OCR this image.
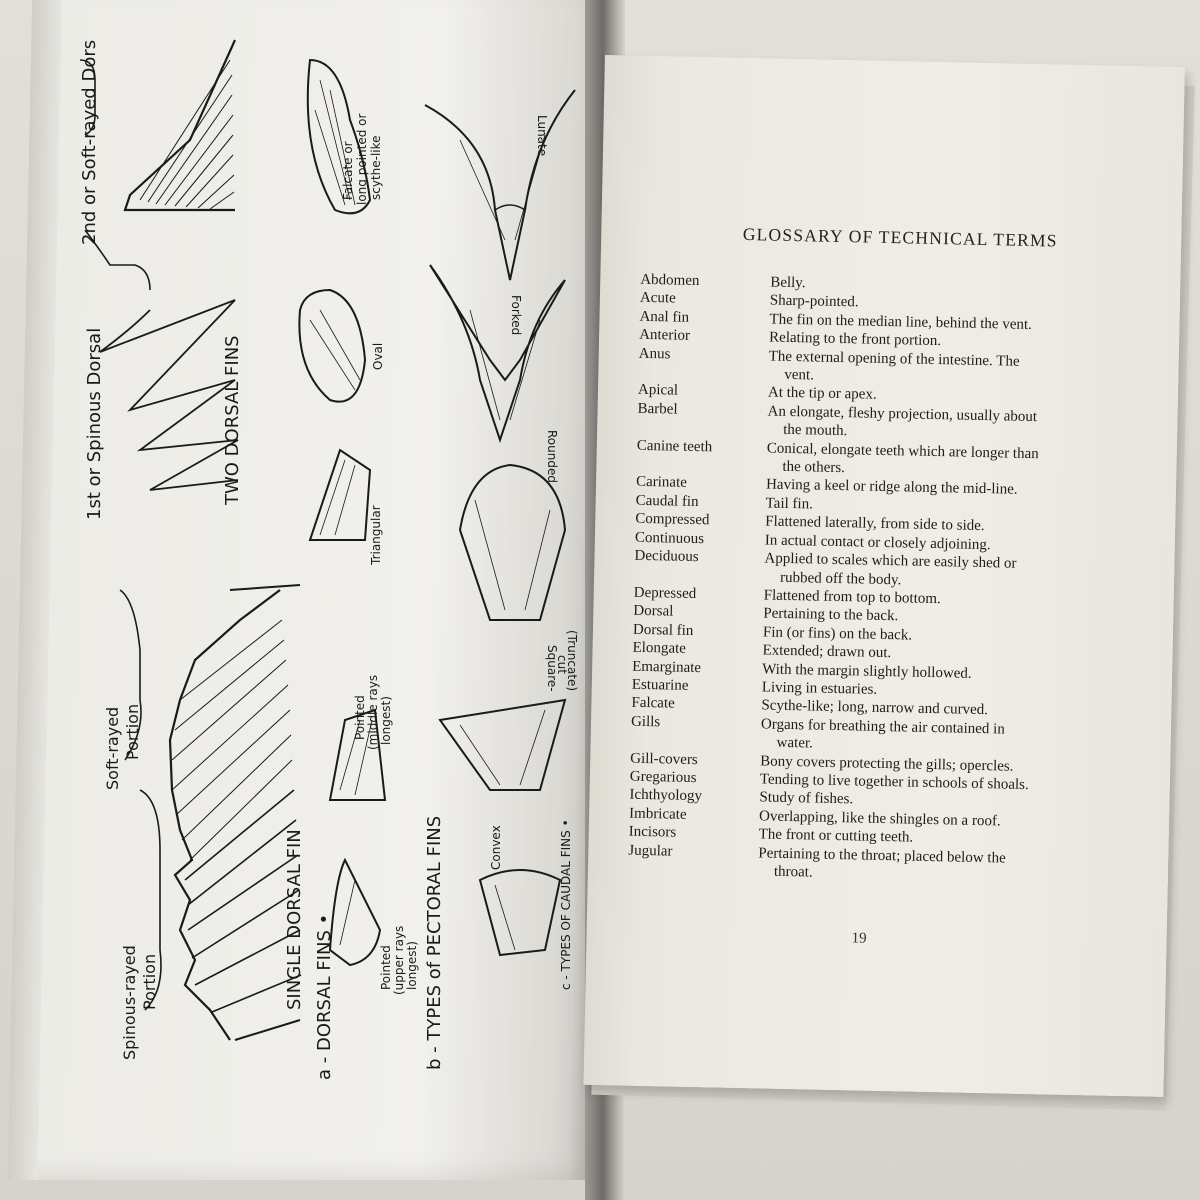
2nd or Soft-rayed Dors
1st or Spinous Dorsal	TWO DORSAL FINS
Soft-rayed Portion
Spinous-rayed Portion	SINGLE DORSAL FIN a - DORSAL FINS •	b - TYPES of PECTORAL FINS	c - TYPES OF CAUDAL FINS •
Falcate or long pointed or scythe-like
Oval
Triangular
Pointed (middle rays longest)
Pointed (upper rays longest)
Lunate
Forked
Rounded
Square-
cut
(Truncate)
Convex
GLOSSARY OF TECHNICAL TERMS
Abdomen	Belly.
Acute	Sharp-pointed.
Anal fin	The fin on the median line, behind the vent.
Anterior	Relating to the front portion.
Anus	The external opening of the intestine. The
vent.
Apical	At the tip or apex.
Barbel	An elongate, fleshy projection, usually about
the mouth.
Canine teeth	Conical, elongate teeth which are longer than
the others.
Carinate	Having a keel or ridge along the mid-line.
Caudal fin	Tail fin.
Compressed	Flattened laterally, from side to side.
Continuous	In actual contact or closely adjoining.
Deciduous	Applied to scales which are easily shed or
rubbed off the body.
Depressed	Flattened from top to bottom.
Dorsal	Pertaining to the back.
Dorsal fin	Fin (or fins) on the back.
Elongate	Extended; drawn out.
Emarginate	With the margin slightly hollowed.
Estuarine	Living in estuaries.
Falcate	Scythe-like; long, narrow and curved.
Gills	Organs for breathing the air contained in
water.
Gill-covers	Bony covers protecting the gills; opercles.
Gregarious	Tending to live together in schools of shoals.
Ichthyology	Study of fishes.
Imbricate	Overlapping, like the shingles on a roof.
Incisors	The front or cutting teeth.
Jugular	Pertaining to the throat; placed below the
throat.
19
